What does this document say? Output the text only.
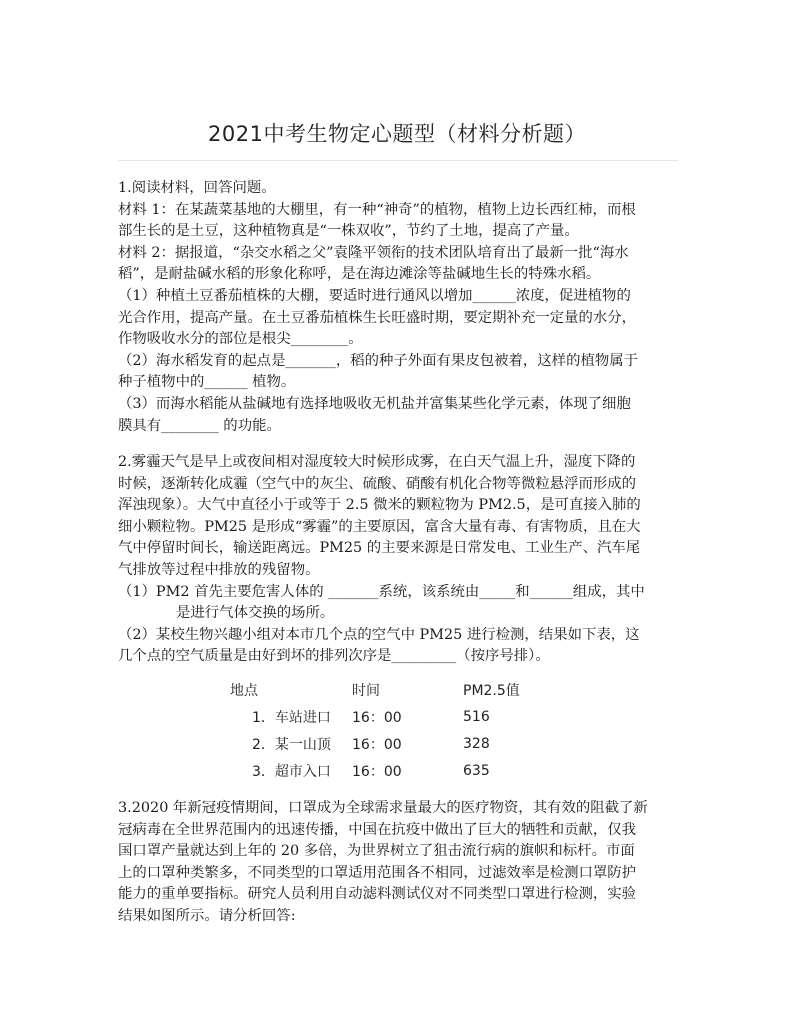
2021中考生物定心题型（材料分析题）

1.阅读材料，回答问题。

材料 1：在某蔬菜基地的大棚里，有一种“神奇”的植物，植物上边长西红柿，而根

部生长的是土豆，这种植物真是“一株双收”，节约了土地，提高了产量。

材料 2：据报道，“杂交水稻之父”袁隆平领衔的技术团队培育出了最新一批“海水

稻”，是耐盐碱水稻的形象化称呼，是在海边滩涂等盐碱地生长的特殊水稻。

（1）种植土豆番茄植株的大棚，要适时进行通风以增加______浓度，促进植物的

光合作用，提高产量。在土豆番茄植株生长旺盛时期，要定期补充一定量的水分，

作物吸收水分的部位是根尖________。

（2）海水稻发育的起点是_______，稻的种子外面有果皮包被着，这样的植物属于

种子植物中的______ 植物。

（3）而海水稻能从盐碱地有选择地吸收无机盐并富集某些化学元素，体现了细胞

膜具有________ 的功能。

2.雾霾天气是早上或夜间相对湿度较大时候形成雾，在白天气温上升，湿度下降的

时候，逐渐转化成霾（空气中的灰尘、硫酸、硝酸有机化合物等微粒悬浮而形成的

浑浊现象）。大气中直径小于或等于 2.5 微米的颗粒物为 PM2.5，是可直接入肺的

细小颗粒物。PM25 是形成“雾霾”的主要原因，富含大量有毒、有害物质，且在大

气中停留时间长，输送距离远。PM25 的主要来源是日常发电、工业生产、汽车尾

气排放等过程中排放的残留物。

（1）PM2 首先主要危害人体的 _______系统，该系统由_____和______组成，其中

是进行气体交换的场所。

（2）某校生物兴趣小组对本市几个点的空气中 PM25 进行检测，结果如下表，这

几个点的空气质量是由好到坏的排列次序是_________（按序号排）。

地点	时间	PM2.5值
1．车站进口	16：00	516
2．某一山顶	16：00	328
3．超市入口	16：00	635

3.2020 年新冠疫情期间，口罩成为全球需求量最大的医疗物资，其有效的阻截了新

冠病毒在全世界范围内的迅速传播，中国在抗疫中做出了巨大的牺牲和贡献，仅我

国口罩产量就达到上年的 20 多倍，为世界树立了狙击流行病的旗帜和标杆。市面

上的口罩种类繁多，不同类型的口罩适用范围各不相同，过滤效率是检测口罩防护

能力的重单要指标。研究人员利用自动滤料测试仪对不同类型口罩进行检测，实验

结果如图所示。请分析回答:
